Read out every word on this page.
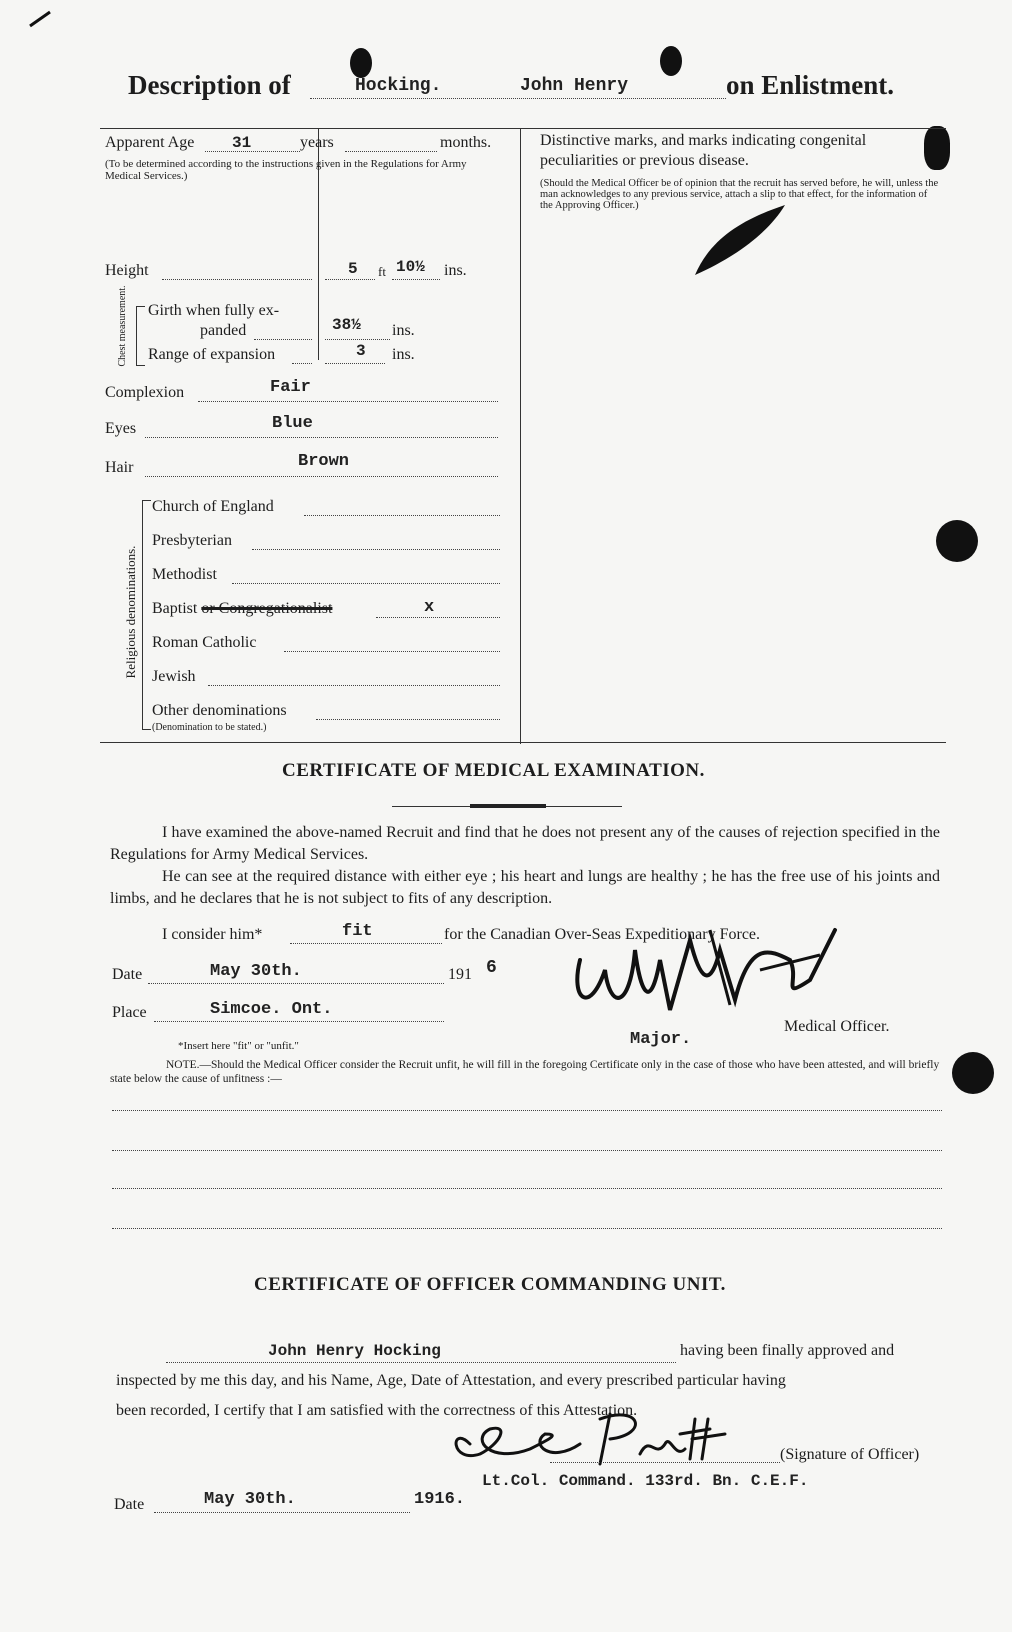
Description of	Hocking.	John Henry	on Enlistment.
Apparent Age 31	years	months.
(To be determined according to the instructions given in the Regulations for Army Medical Services.)
Height	5 ft 10½ ins.
Chest measurement. Girth when fully ex-
panded	38½ ins.
Range of expansion	3 ins.
Complexion	Fair
Eyes	Blue
Hair	Brown
Religious denominations.
Church of England
Presbyterian
Methodist
Baptist or Congregationalist	x
Roman Catholic
Jewish
Other denominations
(Denomination to be stated.)
Distinctive marks, and marks indicating congenital
peculiarities or previous disease.
(Should the Medical Officer be of opinion that the recruit has served before, he will, unless the man acknowledges to any previous service, attach a slip to that effect, for the information of the Approving Officer.)
CERTIFICATE OF MEDICAL EXAMINATION.
I have examined the above-named Recruit and find that he does not present any of the causes of rejection specified in the Regulations for Army Medical Services.
He can see at the required distance with either eye ; his heart and lungs are healthy ; he has the free use of his joints and limbs, and he declares that he is not subject to fits of any description.
I consider him*	fit	for the Canadian Over-Seas Expeditionary Force.
Date	May 30th.	191 6
Place	Simcoe. Ont.
*Insert here "fit" or "unfit."	Major.
Medical Officer.
NOTE.—Should the Medical Officer consider the Recruit unfit, he will fill in the foregoing Certificate only in the case of those who have been attested, and will briefly state below the cause of unfitness :—
CERTIFICATE OF OFFICER COMMANDING UNIT.
John Henry Hocking	having been finally approved and
inspected by me this day, and his Name, Age, Date of Attestation, and every prescribed particular having
been recorded, I certify that I am satisfied with the correctness of this Attestation.
(Signature of Officer)
Lt.Col. Command. 133rd. Bn. C.E.F.
Date	May 30th.	1916.
